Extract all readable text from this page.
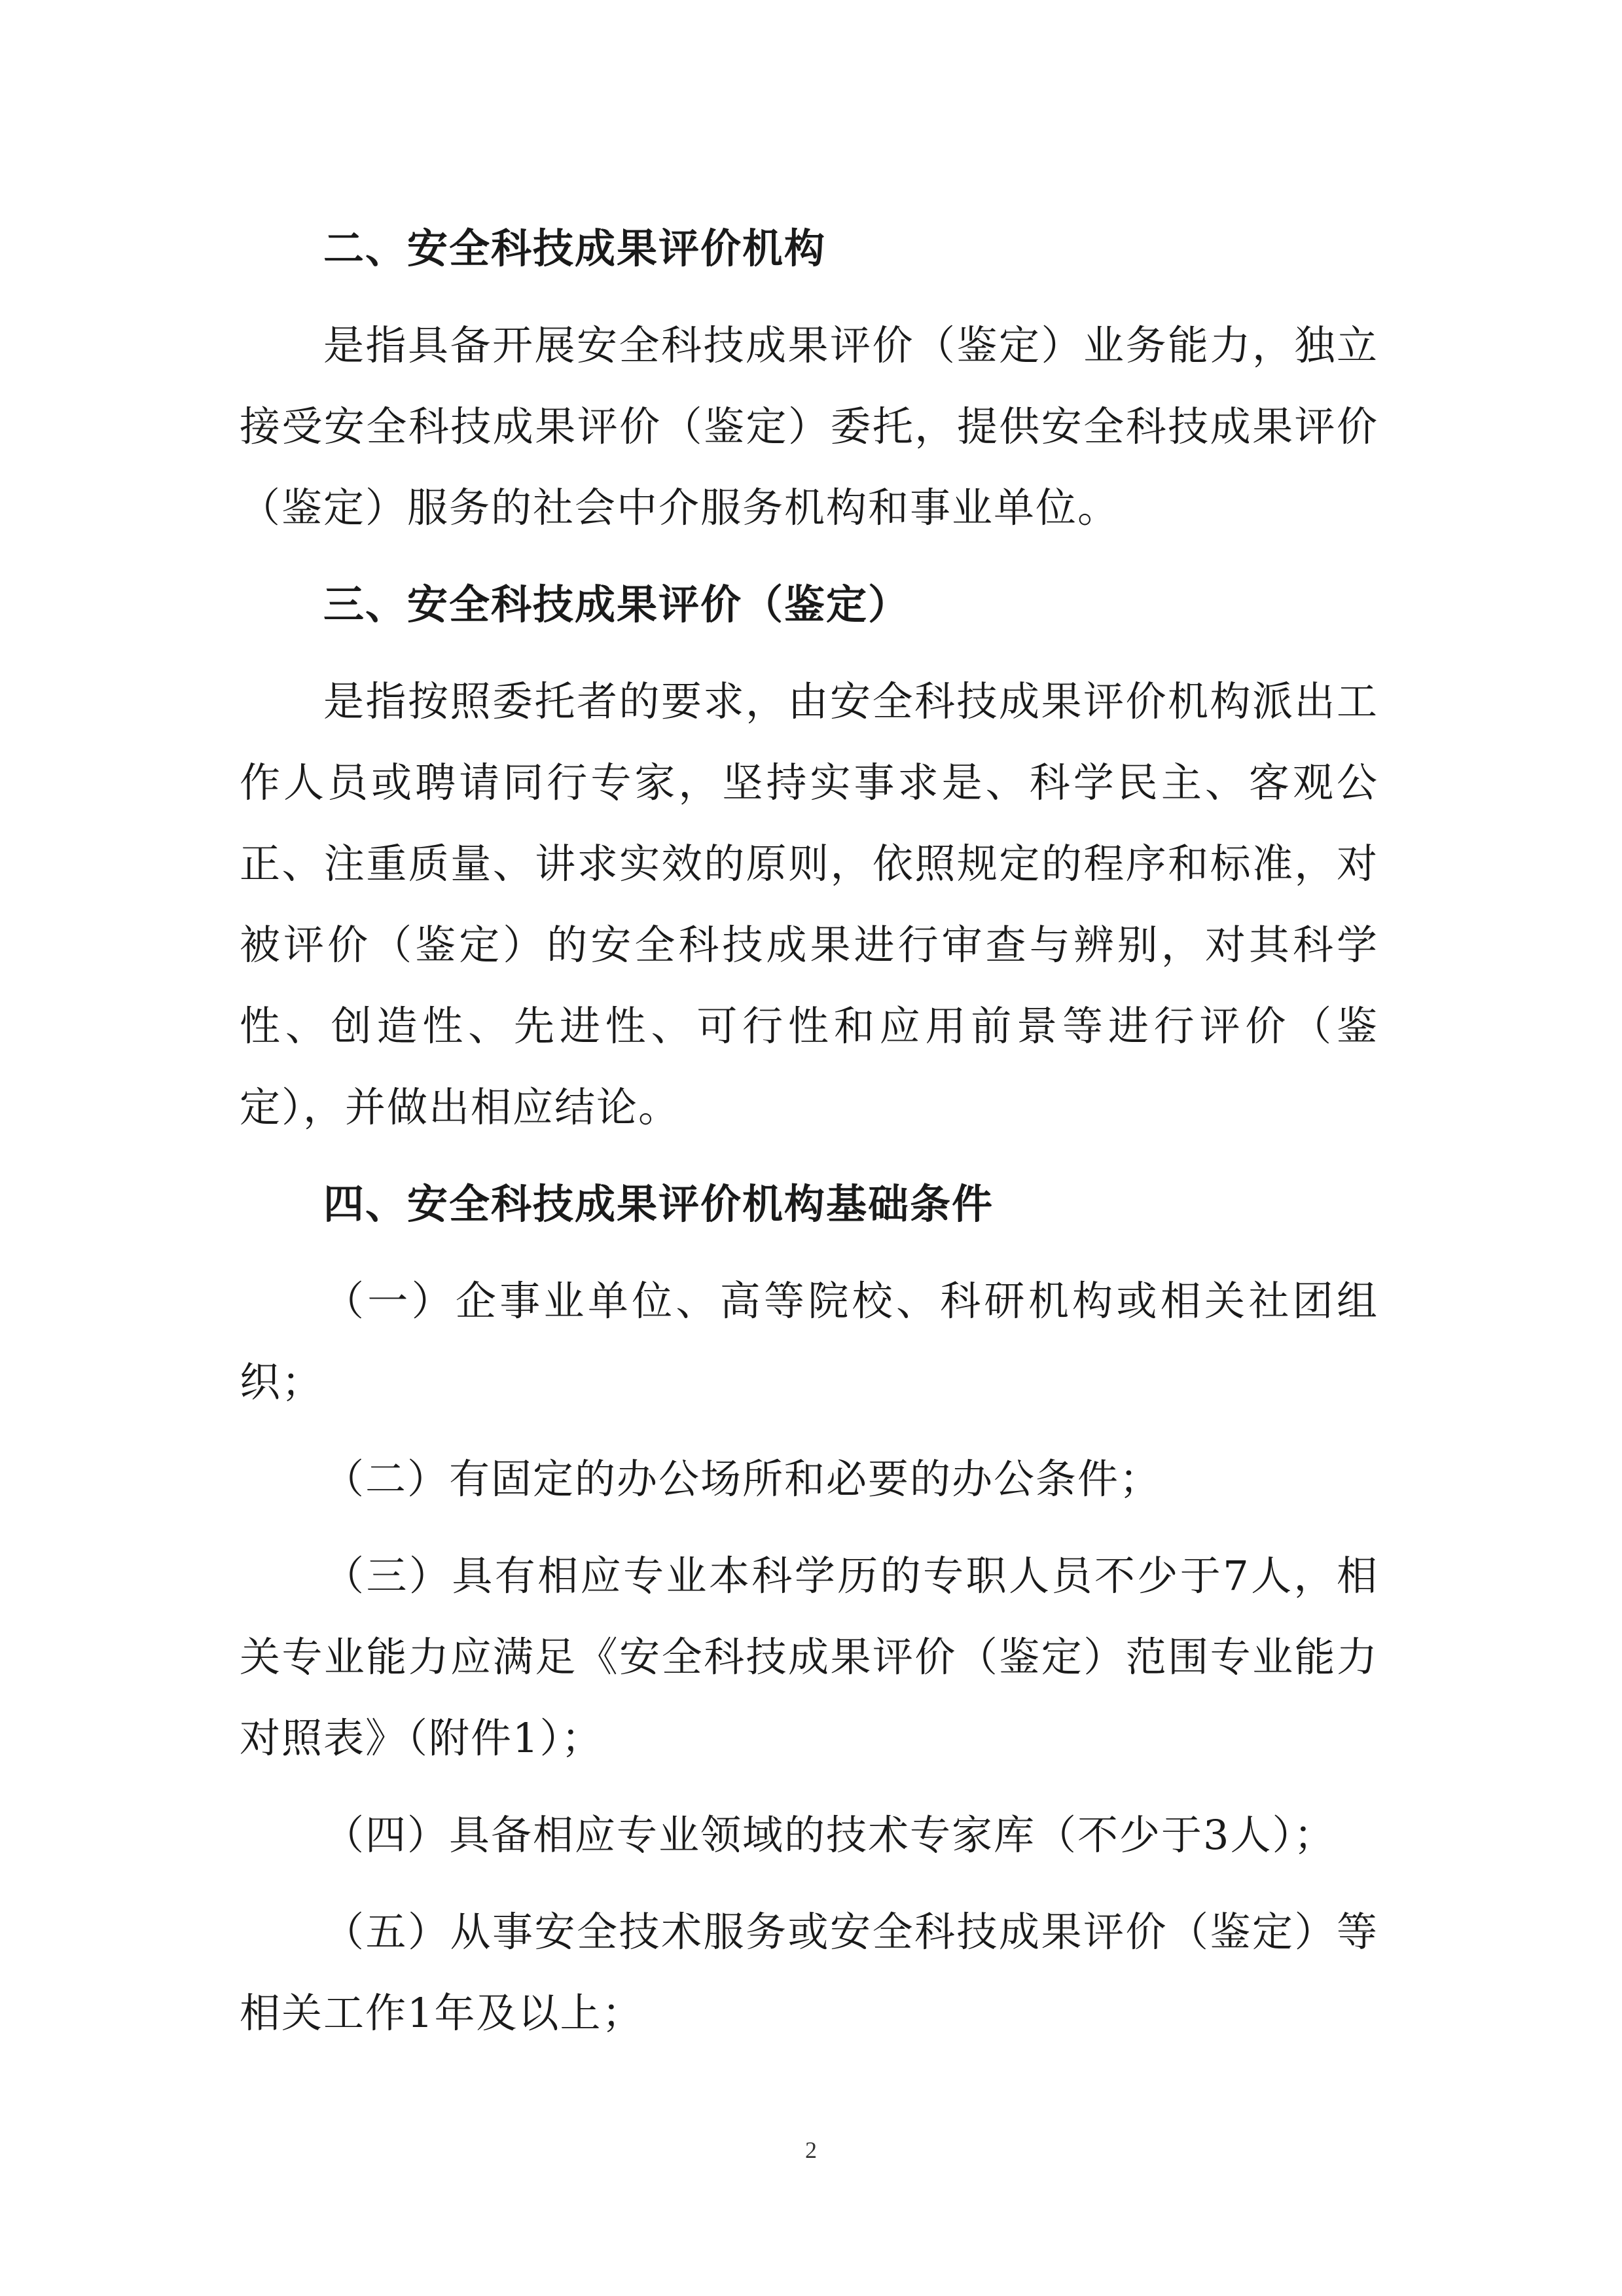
二、安全科技成果评价机构

是指具备开展安全科技成果评价（鉴定）业务能力，独立接受安全科技成果评价（鉴定）委托，提供安全科技成果评价（鉴定）服务的社会中介服务机构和事业单位。

三、安全科技成果评价（鉴定）

是指按照委托者的要求，由安全科技成果评价机构派出工作人员或聘请同行专家，坚持实事求是、科学民主、客观公正、注重质量、讲求实效的原则，依照规定的程序和标准，对被评价（鉴定）的安全科技成果进行审查与辨别，对其科学性、创造性、先进性、可行性和应用前景等进行评价（鉴定），并做出相应结论。

四、安全科技成果评价机构基础条件

（一）企事业单位、高等院校、科研机构或相关社团组织；

（二）有固定的办公场所和必要的办公条件；

（三）具有相应专业本科学历的专职人员不少于7人，相关专业能力应满足《安全科技成果评价（鉴定）范围专业能力对照表》（附件1）；

（四）具备相应专业领域的技术专家库（不少于3人）；

（五）从事安全技术服务或安全科技成果评价（鉴定）等相关工作1年及以上；

2
